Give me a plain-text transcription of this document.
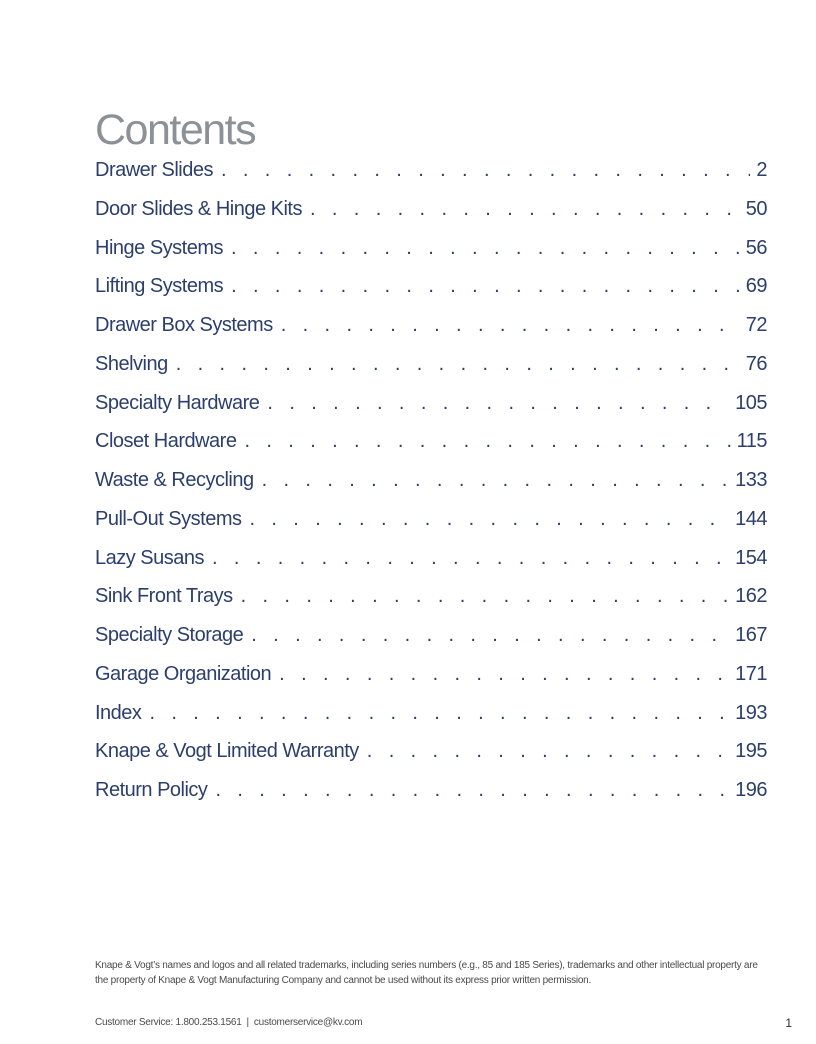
Contents
Drawer Slides . . .	2
Door Slides & Hinge Kits . . .	50
Hinge Systems . . .	56
Lifting Systems . . .	69
Drawer Box Systems . . .	72
Shelving . . .	76
Specialty Hardware . . .	105
Closet Hardware . . .	115
Waste & Recycling . . .	133
Pull-Out Systems . . .	144
Lazy Susans . . .	154
Sink Front Trays . . .	162
Specialty Storage . . .	167
Garage Organization . . .	171
Index . . .	193
Knape & Vogt Limited Warranty . . .	195
Return Policy . . .	196

Knape & Vogt’s names and logos and all related trademarks, including series numbers (e.g., 85 and 185 Series), trademarks and other intellectual property are the property of Knape & Vogt Manufacturing Company and cannot be used without its express prior written permission.

Customer Service: 1.800.253.1561 | customerservice@kv.com	1
